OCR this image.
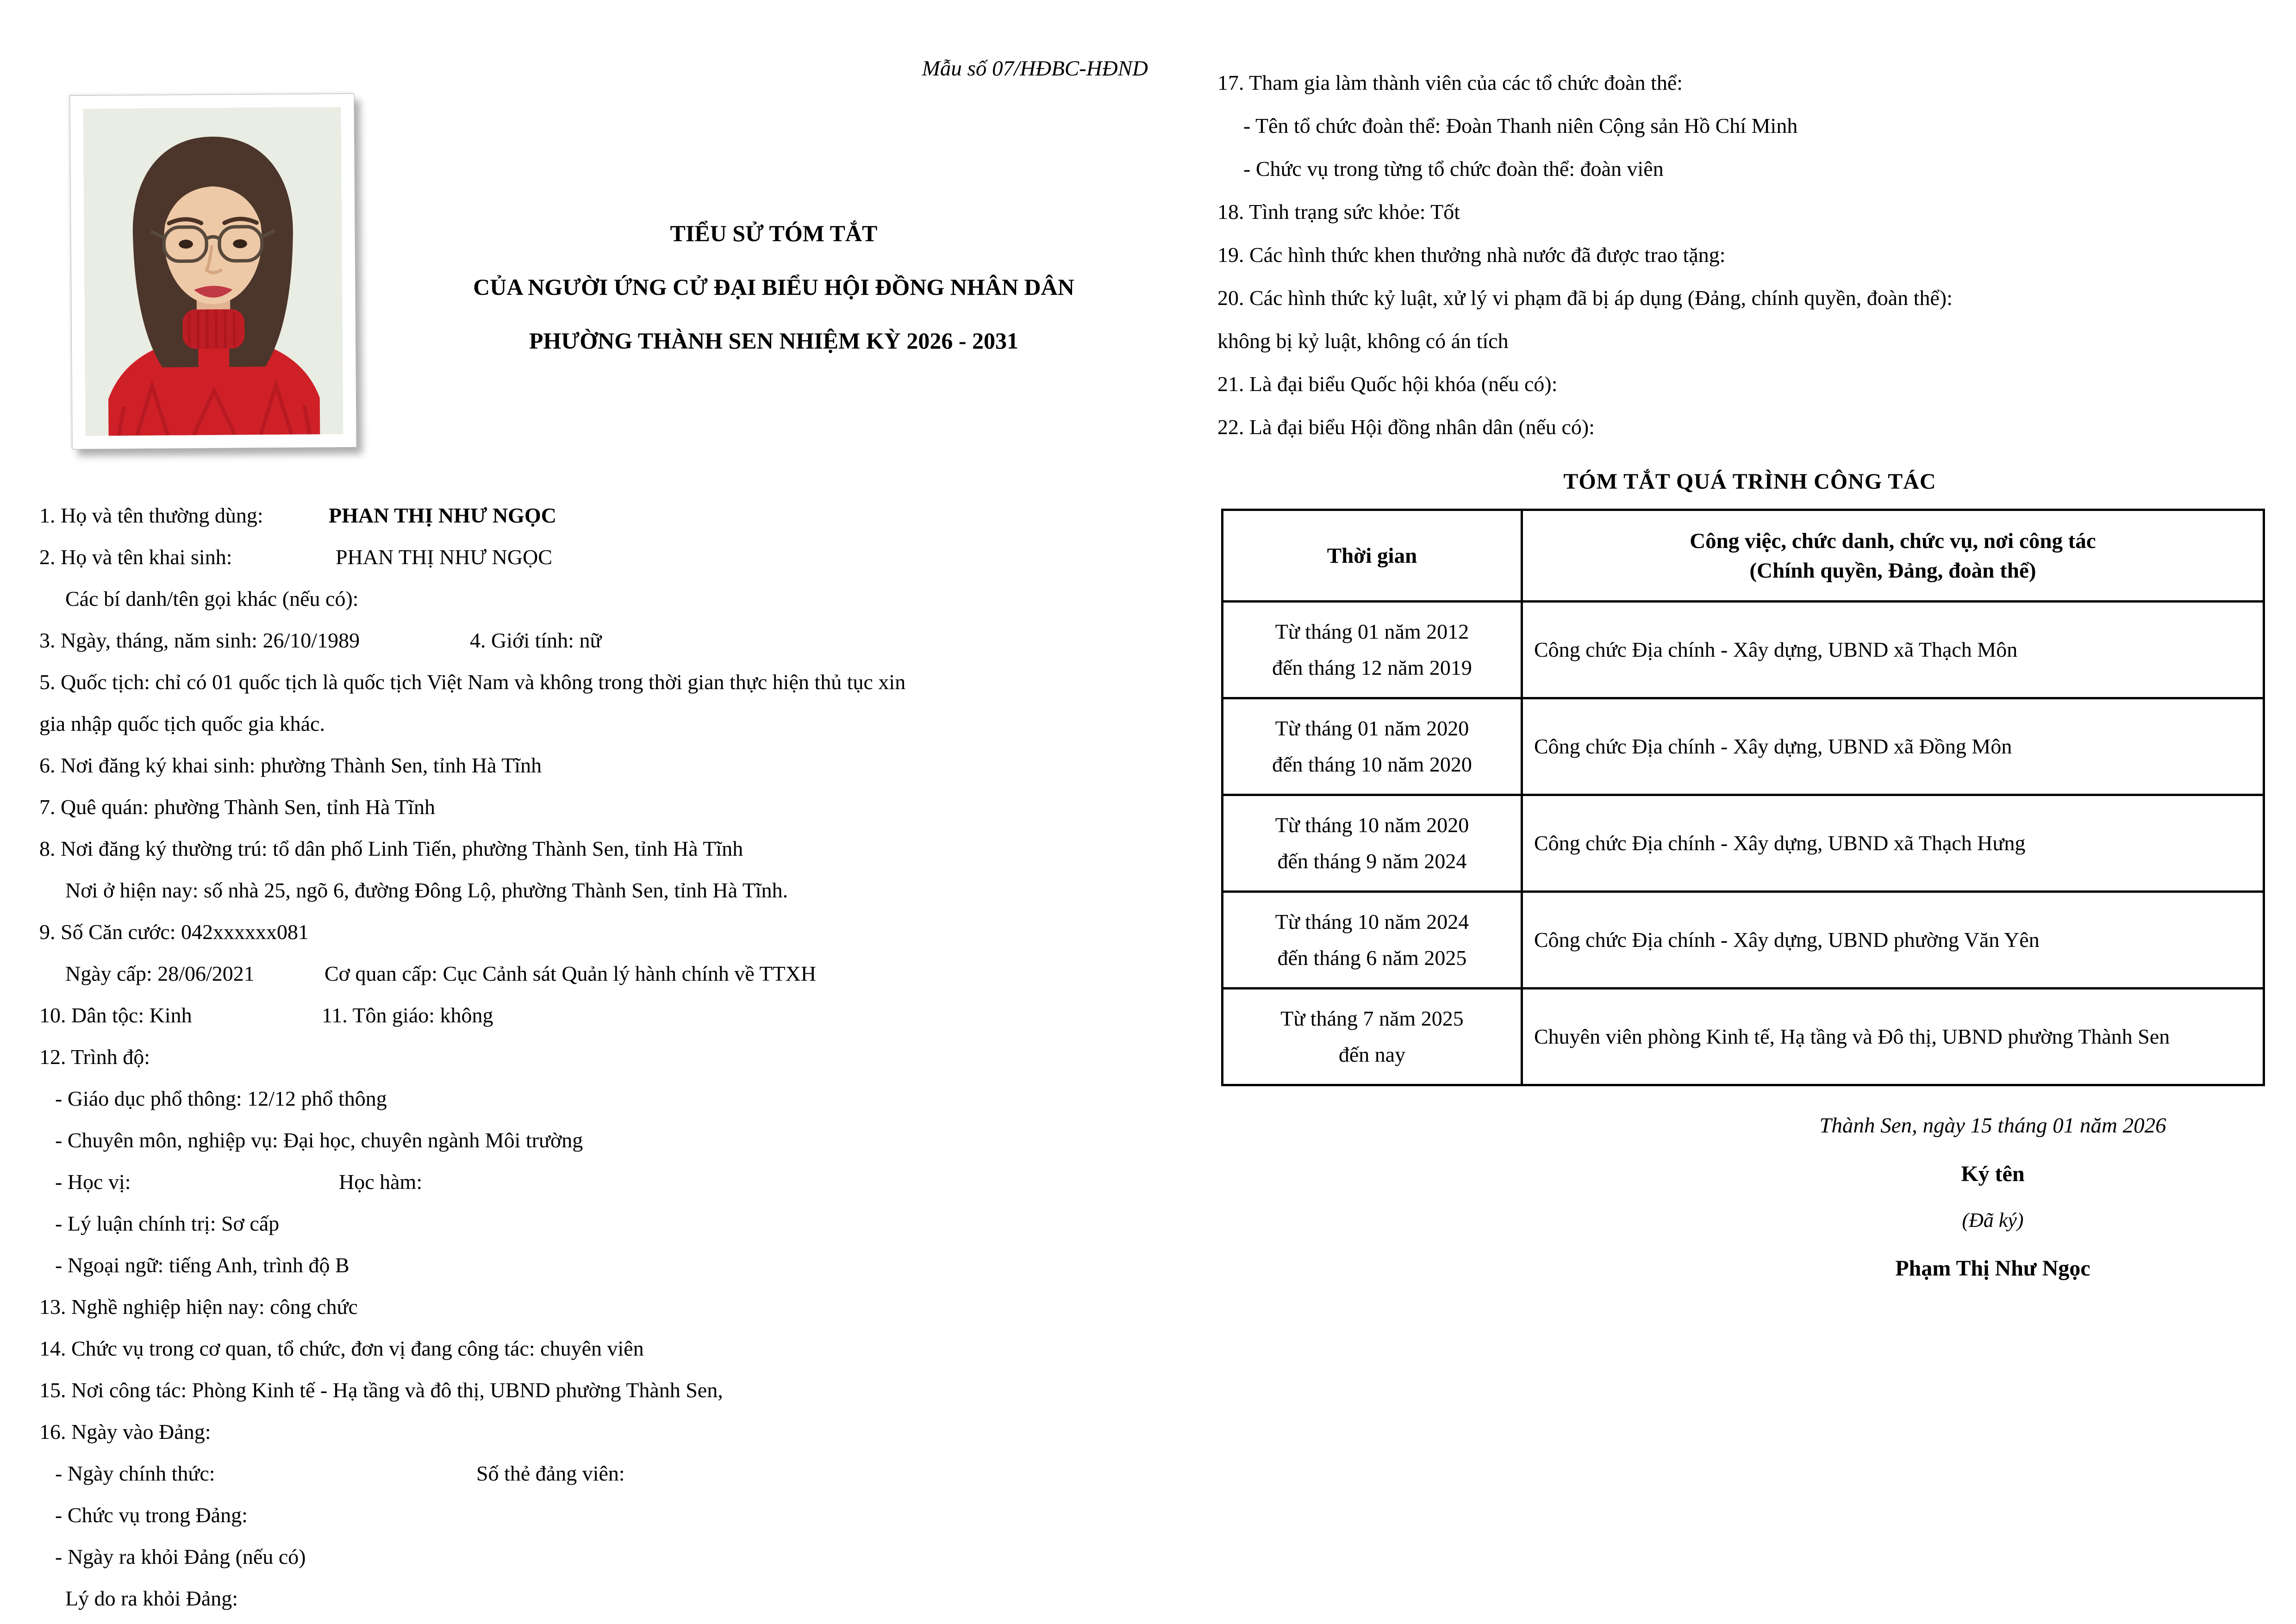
Mẫu số 07/HĐBC-HĐND
TIỂU SỬ TÓM TẮT
CỦA NGƯỜI ỨNG CỬ ĐẠI BIỂU HỘI ĐỒNG NHÂN DÂN
PHƯỜNG THÀNH SEN NHIỆM KỲ 2026 - 2031
1. Họ và tên thường dùng:	PHAN THỊ NHƯ NGỌC
2. Họ và tên khai sinh:	PHAN THỊ NHƯ NGỌC
Các bí danh/tên gọi khác (nếu có):
3. Ngày, tháng, năm sinh: 26/10/1989	4. Giới tính: nữ
5. Quốc tịch: chỉ có 01 quốc tịch là quốc tịch Việt Nam và không trong thời gian thực hiện thủ tục xin
gia nhập quốc tịch quốc gia khác.
6. Nơi đăng ký khai sinh: phường Thành Sen, tỉnh Hà Tĩnh
7. Quê quán: phường Thành Sen, tỉnh Hà Tĩnh
8. Nơi đăng ký thường trú: tổ dân phố Linh Tiến, phường Thành Sen, tỉnh Hà Tĩnh
Nơi ở hiện nay: số nhà 25, ngõ 6, đường Đông Lộ, phường Thành Sen, tỉnh Hà Tĩnh.
9. Số Căn cước: 042xxxxxx081
Ngày cấp: 28/06/2021	Cơ quan cấp: Cục Cảnh sát Quản lý hành chính về TTXH
10. Dân tộc: Kinh	11. Tôn giáo: không
12. Trình độ:
- Giáo dục phổ thông: 12/12 phổ thông
- Chuyên môn, nghiệp vụ: Đại học, chuyên ngành Môi trường
- Học vị:	Học hàm:
- Lý luận chính trị: Sơ cấp
- Ngoại ngữ: tiếng Anh, trình độ B
13. Nghề nghiệp hiện nay: công chức
14. Chức vụ trong cơ quan, tổ chức, đơn vị đang công tác: chuyên viên
15. Nơi công tác: Phòng Kinh tế - Hạ tầng và đô thị, UBND phường Thành Sen,
16. Ngày vào Đảng:
- Ngày chính thức:	Số thẻ đảng viên:
- Chức vụ trong Đảng:
- Ngày ra khỏi Đảng (nếu có)
Lý do ra khỏi Đảng:
17. Tham gia làm thành viên của các tổ chức đoàn thể:
- Tên tổ chức đoàn thể: Đoàn Thanh niên Cộng sản Hồ Chí Minh
- Chức vụ trong từng tổ chức đoàn thể: đoàn viên
18. Tình trạng sức khỏe: Tốt
19. Các hình thức khen thưởng nhà nước đã được trao tặng:
20. Các hình thức kỷ luật, xử lý vi phạm đã bị áp dụng (Đảng, chính quyền, đoàn thể):
không bị kỷ luật, không có án tích
21. Là đại biểu Quốc hội khóa (nếu có):
22. Là đại biểu Hội đồng nhân dân (nếu có):
TÓM TẮT QUÁ TRÌNH CÔNG TÁC
Thời gian	Công việc, chức danh, chức vụ, nơi công tác
(Chính quyền, Đảng, đoàn thể)

Từ tháng 01 năm 2012
đến tháng 12 năm 2019	Công chức Địa chính - Xây dựng, UBND xã Thạch Môn

Từ tháng 01 năm 2020
đến tháng 10 năm 2020	Công chức Địa chính - Xây dựng, UBND xã Đồng Môn

Từ tháng 10 năm 2020
đến tháng 9 năm 2024	Công chức Địa chính - Xây dựng, UBND xã Thạch Hưng

Từ tháng 10 năm 2024
đến tháng 6 năm 2025	Công chức Địa chính - Xây dựng, UBND phường Văn Yên

Từ tháng 7 năm 2025
đến nay	Chuyên viên phòng Kinh tế, Hạ tầng và Đô thị, UBND phường Thành Sen
Thành Sen, ngày 15 tháng 01 năm 2026
Ký tên
(Đã ký)
Phạm Thị Như Ngọc
